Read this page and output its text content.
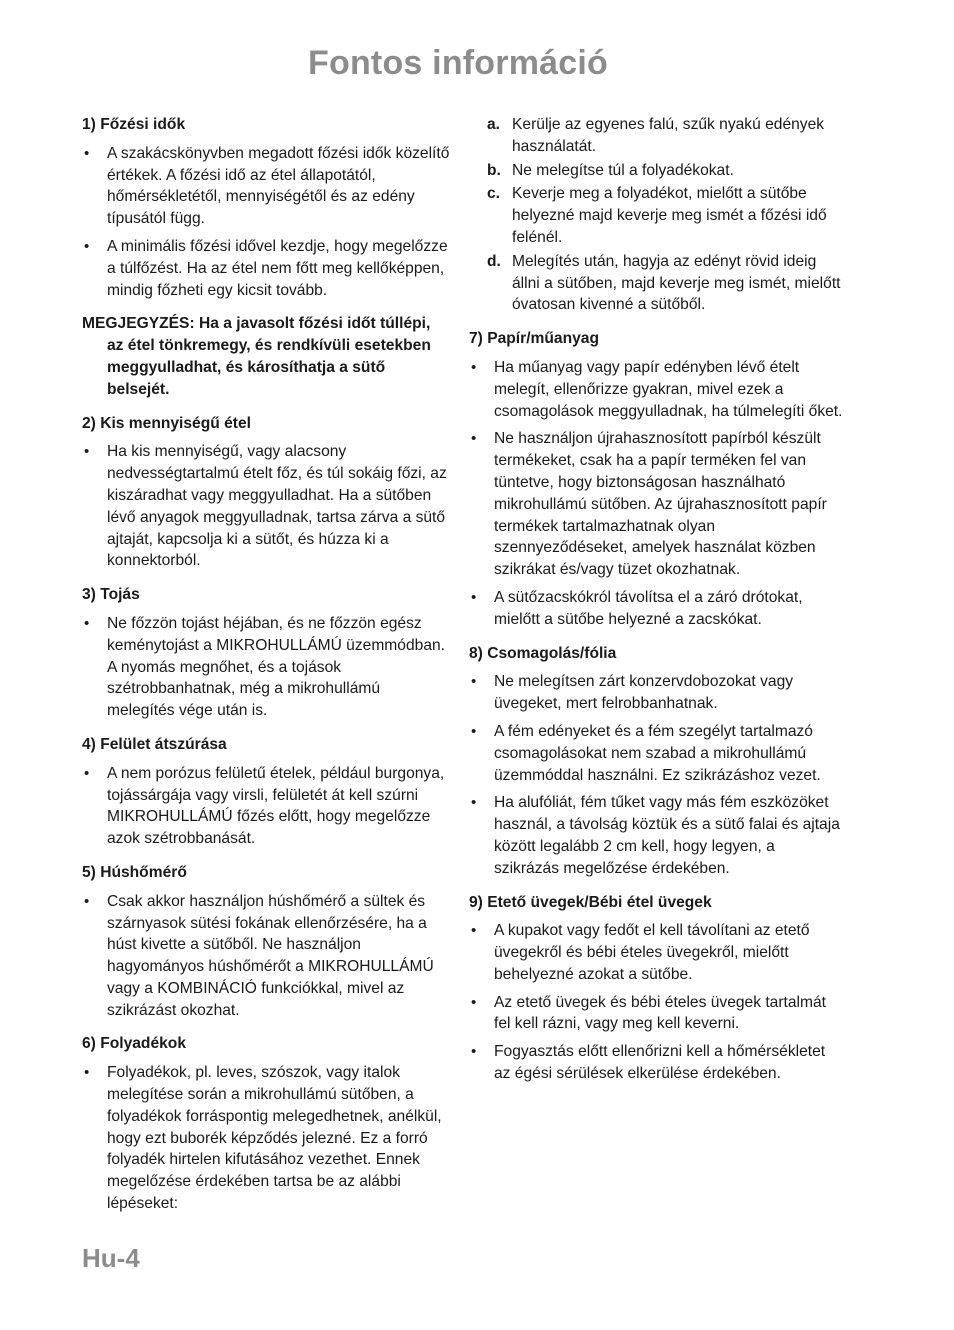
Fontos információ
1) Főzési idők
• A szakácskönyvben megadott főzési idők közelítő értékek. A főzési idő az étel állapotától, hőmérsékletétől, mennyiségétől és az edény típusától függ.
• A minimális főzési idővel kezdje, hogy megelőzze a túlfőzést. Ha az étel nem főtt meg kellőképpen, mindig főzheti egy kicsit tovább.
MEGJEGYZÉS: Ha a javasolt főzési időt túllépi, az étel tönkremegy, és rendkívüli esetekben meggyulladhat, és károsíthatja a sütő belsejét.
2) Kis mennyiségű étel
• Ha kis mennyiségű, vagy alacsony nedvességtartalmú ételt főz, és túl sokáig főzi, az kiszáradhat vagy meggyulladhat. Ha a sütőben lévő anyagok meggyulladnak, tartsa zárva a sütő ajtaját, kapcsolja ki a sütőt, és húzza ki a konnektorból.
3) Tojás
• Ne főzzön tojást héjában, és ne főzzön egész keménytojást a MIKROHULLÁMÚ üzemmódban. A nyomás megnőhet, és a tojások szétrobbanhatnak, még a mikrohullámú melegítés vége után is.
4) Felület átszúrása
• A nem porózus felületű ételek, például burgonya, tojássárgája vagy virsli, felületét át kell szúrni MIKROHULLÁMÚ főzés előtt, hogy megelőzze azok szétrobbanását.
5) Húshőmérő
• Csak akkor használjon húshőmérő a sültek és szárnyasok sütési fokának ellenőrzésére, ha a húst kivette a sütőből. Ne használjon hagyományos húshőmérőt a MIKROHULLÁMÚ vagy a KOMBINÁCIÓ funkciókkal, mivel az szikrázást okozhat.
6) Folyadékok
• Folyadékok, pl. leves, szószok, vagy italok melegítése során a mikrohullámú sütőben, a folyadékok forráspontig melegedhetnek, anélkül, hogy ezt buborék képződés jelezné. Ez a forró folyadék hirtelen kifutásához vezethet. Ennek megelőzése érdekében tartsa be az alábbi lépéseket:
a. Kerülje az egyenes falú, szűk nyakú edények használatát.
b. Ne melegítse túl a folyadékokat.
c. Keverje meg a folyadékot, mielőtt a sütőbe helyezné majd keverje meg ismét a főzési idő felénél.
d. Melegítés után, hagyja az edényt rövid ideig állni a sütőben, majd keverje meg ismét, mielőtt óvatosan kivenné a sütőből.
7) Papír/műanyag
• Ha műanyag vagy papír edényben lévő ételt melegít, ellenőrizze gyakran, mivel ezek a csomagolások meggyulladnak, ha túlmelegíti őket.
• Ne használjon újrahasznosított papírból készült termékeket, csak ha a papír terméken fel van tüntetve, hogy biztonságosan használható mikrohullámú sütőben. Az újrahasznosított papír termékek tartalmazhatnak olyan szennyeződéseket, amelyek használat közben szikrákat és/vagy tüzet okozhatnak.
• A sütőzacskókról távolítsa el a záró drótokat, mielőtt a sütőbe helyezné a zacskókat.
8) Csomagolás/fólia
• Ne melegítsen zárt konzervdobozokat vagy üvegeket, mert felrobbanhatnak.
• A fém edényeket és a fém szegélyt tartalmazó csomagolásokat nem szabad a mikrohullámú üzemmóddal használni. Ez szikrázáshoz vezet.
• Ha alufóliát, fém tűket vagy más fém eszközöket használ, a távolság köztük és a sütő falai és ajtaja között legalább 2 cm kell, hogy legyen, a szikrázás megelőzése érdekében.
9) Etető üvegek/Bébi étel üvegek
• A kupakot vagy fedőt el kell távolítani az etető üvegekről és bébi ételes üvegekről, mielőtt behelyezné azokat a sütőbe.
• Az etető üvegek és bébi ételes üvegek tartalmát fel kell rázni, vagy meg kell keverni.
• Fogyasztás előtt ellenőrizni kell a hőmérsékletet az égési sérülések elkerülése érdekében.
Hu-4
